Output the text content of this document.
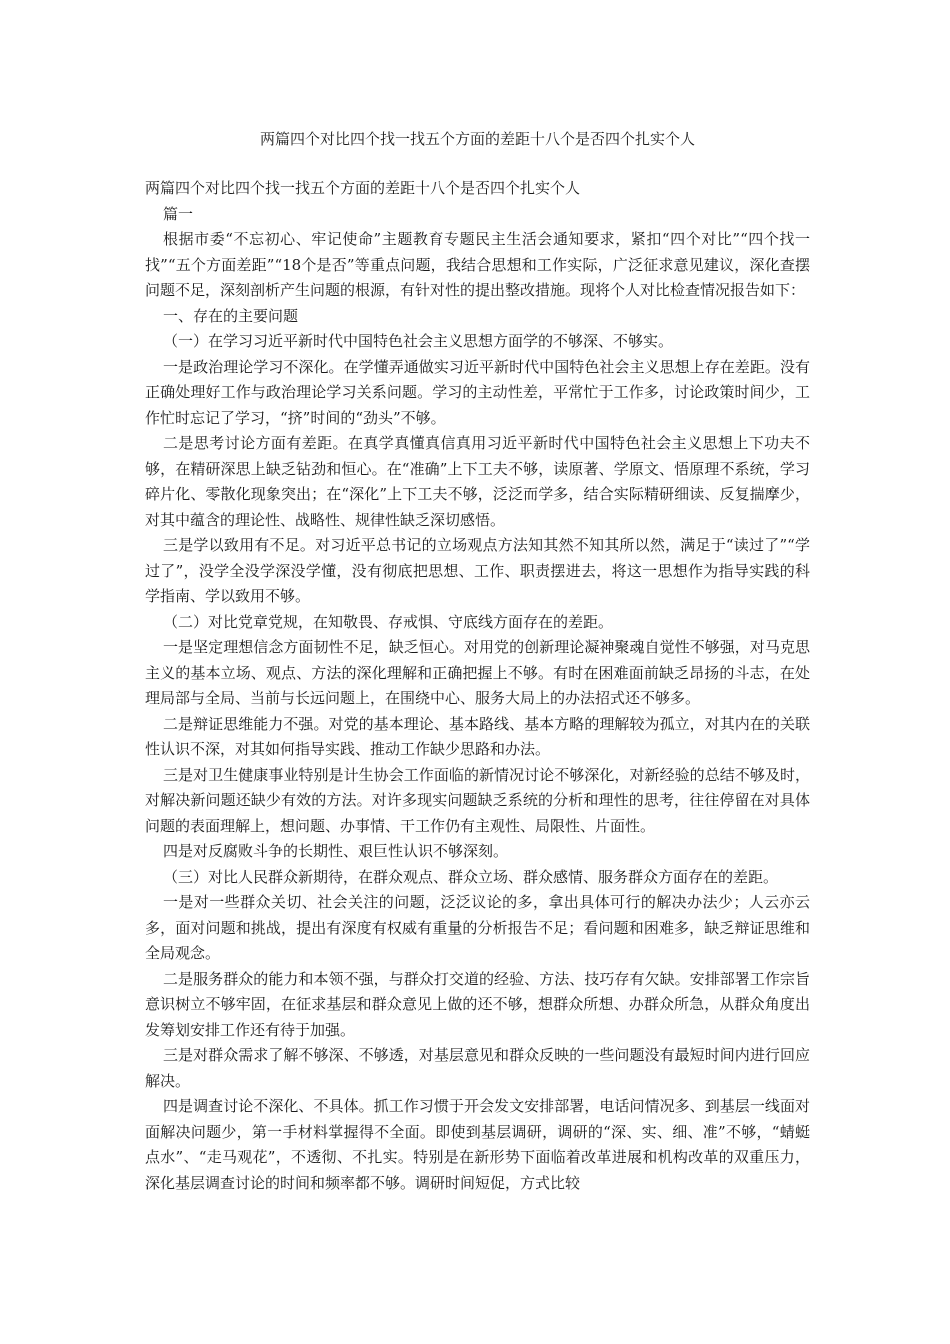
两篇四个对比四个找一找五个方面的差距十八个是否四个扎实个人

两篇四个对比四个找一找五个方面的差距十八个是否四个扎实个人

篇一

根据市委“不忘初心、牢记使命”主题教育专题民主生活会通知要求，紧扣“四个对比”“四个找一找”“五个方面差距”“18个是否”等重点问题，我结合思想和工作实际，广泛征求意见建议，深化查摆问题不足，深刻剖析产生问题的根源，有针对性的提出整改措施。现将个人对比检查情况报告如下：

一、存在的主要问题

（一）在学习习近平新时代中国特色社会主义思想方面学的不够深、不够实。

一是政治理论学习不深化。在学懂弄通做实习近平新时代中国特色社会主义思想上存在差距。没有正确处理好工作与政治理论学习关系问题。学习的主动性差，平常忙于工作多，讨论政策时间少，工作忙时忘记了学习，“挤”时间的“劲头”不够。

二是思考讨论方面有差距。在真学真懂真信真用习近平新时代中国特色社会主义思想上下功夫不够，在精研深思上缺乏钻劲和恒心。在“准确”上下工夫不够，读原著、学原文、悟原理不系统，学习碎片化、零散化现象突出；在“深化”上下工夫不够，泛泛而学多，结合实际精研细读、反复揣摩少，对其中蕴含的理论性、战略性、规律性缺乏深切感悟。

三是学以致用有不足。对习近平总书记的立场观点方法知其然不知其所以然，满足于“读过了”“学过了”，没学全没学深没学懂，没有彻底把思想、工作、职责摆进去，将这一思想作为指导实践的科学指南、学以致用不够。

（二）对比党章党规，在知敬畏、存戒惧、守底线方面存在的差距。

一是坚定理想信念方面韧性不足，缺乏恒心。对用党的创新理论凝神聚魂自觉性不够强，对马克思主义的基本立场、观点、方法的深化理解和正确把握上不够。有时在困难面前缺乏昂扬的斗志，在处理局部与全局、当前与长远问题上，在围绕中心、服务大局上的办法招式还不够多。

二是辩证思维能力不强。对党的基本理论、基本路线、基本方略的理解较为孤立，对其内在的关联性认识不深，对其如何指导实践、推动工作缺少思路和办法。

三是对卫生健康事业特别是计生协会工作面临的新情况讨论不够深化，对新经验的总结不够及时，对解决新问题还缺少有效的方法。对许多现实问题缺乏系统的分析和理性的思考，往往停留在对具体问题的表面理解上，想问题、办事情、干工作仍有主观性、局限性、片面性。

四是对反腐败斗争的长期性、艰巨性认识不够深刻。

（三）对比人民群众新期待，在群众观点、群众立场、群众感情、服务群众方面存在的差距。

一是对一些群众关切、社会关注的问题，泛泛议论的多，拿出具体可行的解决办法少；人云亦云多，面对问题和挑战，提出有深度有权威有重量的分析报告不足；看问题和困难多，缺乏辩证思维和全局观念。

二是服务群众的能力和本领不强，与群众打交道的经验、方法、技巧存有欠缺。安排部署工作宗旨意识树立不够牢固，在征求基层和群众意见上做的还不够，想群众所想、办群众所急，从群众角度出发筹划安排工作还有待于加强。

三是对群众需求了解不够深、不够透，对基层意见和群众反映的一些问题没有最短时间内进行回应解决。

四是调查讨论不深化、不具体。抓工作习惯于开会发文安排部署，电话问情况多、到基层一线面对面解决问题少，第一手材料掌握得不全面。即使到基层调研，调研的“深、实、细、准”不够，“蜻蜓点水”、“走马观花”，不透彻、不扎实。特别是在新形势下面临着改革进展和机构改革的双重压力，深化基层调查讨论的时间和频率都不够。调研时间短促，方式比较
